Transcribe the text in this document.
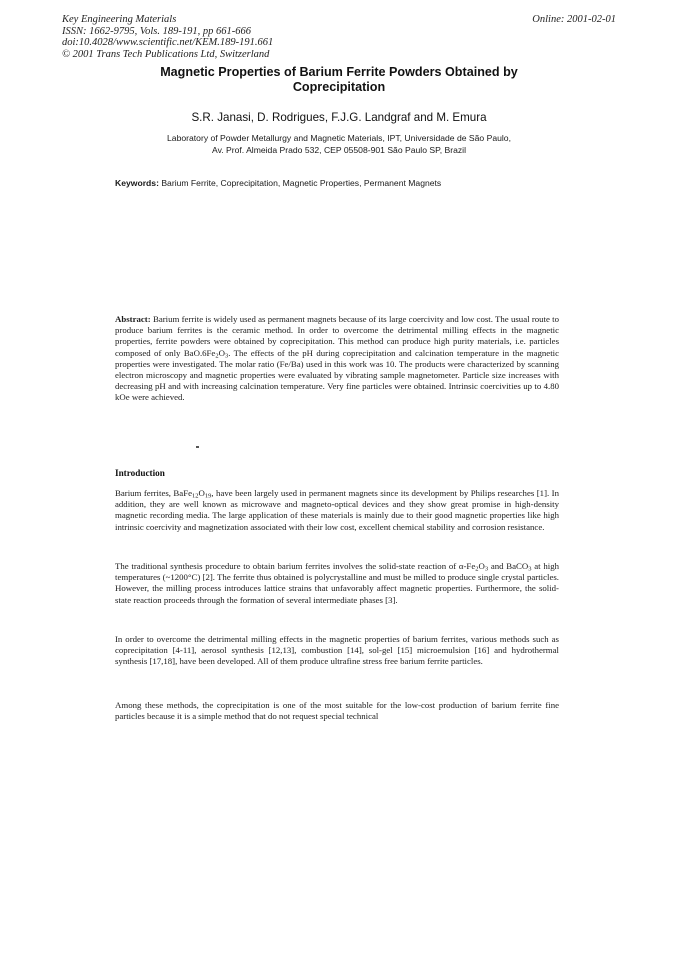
Key Engineering Materials
ISSN: 1662-9795, Vols. 189-191, pp 661-666
doi:10.4028/www.scientific.net/KEM.189-191.661
© 2001 Trans Tech Publications Ltd, Switzerland
Online: 2001-02-01
Magnetic Properties of Barium Ferrite Powders Obtained by
Coprecipitation
S.R. Janasi, D. Rodrigues, F.J.G. Landgraf and M. Emura
Laboratory of Powder Metallurgy and Magnetic Materials, IPT, Universidade de São Paulo,
Av. Prof. Almeida Prado 532, CEP 05508-901 São Paulo SP, Brazil
Keywords: Barium Ferrite, Coprecipitation, Magnetic Properties, Permanent Magnets
Abstract: Barium ferrite is widely used as permanent magnets because of its large coercivity and low cost. The usual route to produce barium ferrites is the ceramic method. In order to overcome the detrimental milling effects in the magnetic properties, ferrite powders were obtained by coprecipitation. This method can produce high purity materials, i.e. particles composed of only $BaO.6Fe_2O_3$. The effects of the pH during coprecipitation and calcination temperature in the magnetic properties were investigated. The molar ratio (Fe/Ba) used in this work was 10. The products were characterized by scanning electron microscopy and magnetic properties were evaluated by vibrating sample magnetometer. Particle size increases with decreasing pH and with increasing calcination temperature. Very fine particles were obtained. Intrinsic coercivities up to 4.80 kOe were achieved.
Introduction
Barium ferrites, $BaFe_{12}O_{19}$, have been largely used in permanent magnets since its development by Philips researches [1]. In addition, they are well known as microwave and magneto-optical devices and they show great promise in high-density magnetic recording media. The large application of these materials is mainly due to their good magnetic properties like high intrinsic coercivity and magnetization associated with their low cost, excellent chemical stability and corrosion resistance.
The traditional synthesis procedure to obtain barium ferrites involves the solid-state reaction of $\alpha-Fe_2O_3$ and BaCO$_3$ at high temperatures (~1200°C) [2]. The ferrite thus obtained is polycrystalline and must be milled to produce single crystal particles. However, the milling process introduces lattice strains that unfavorably affect magnetic properties. Furthermore, the solid-state reaction proceeds through the formation of several intermediate phases [3].
In order to overcome the detrimental milling effects in the magnetic properties of barium ferrites, various methods such as coprecipitation [4-11], aerosol synthesis [12,13], combustion [14], sol-gel [15] microemulsion [16] and hydrothermal synthesis [17,18], have been developed. All of them produce ultrafine stress free barium ferrite particles.
Among these methods, the coprecipitation is one of the most suitable for the low-cost production of barium ferrite fine particles because it is a simple method that do not request special technical
